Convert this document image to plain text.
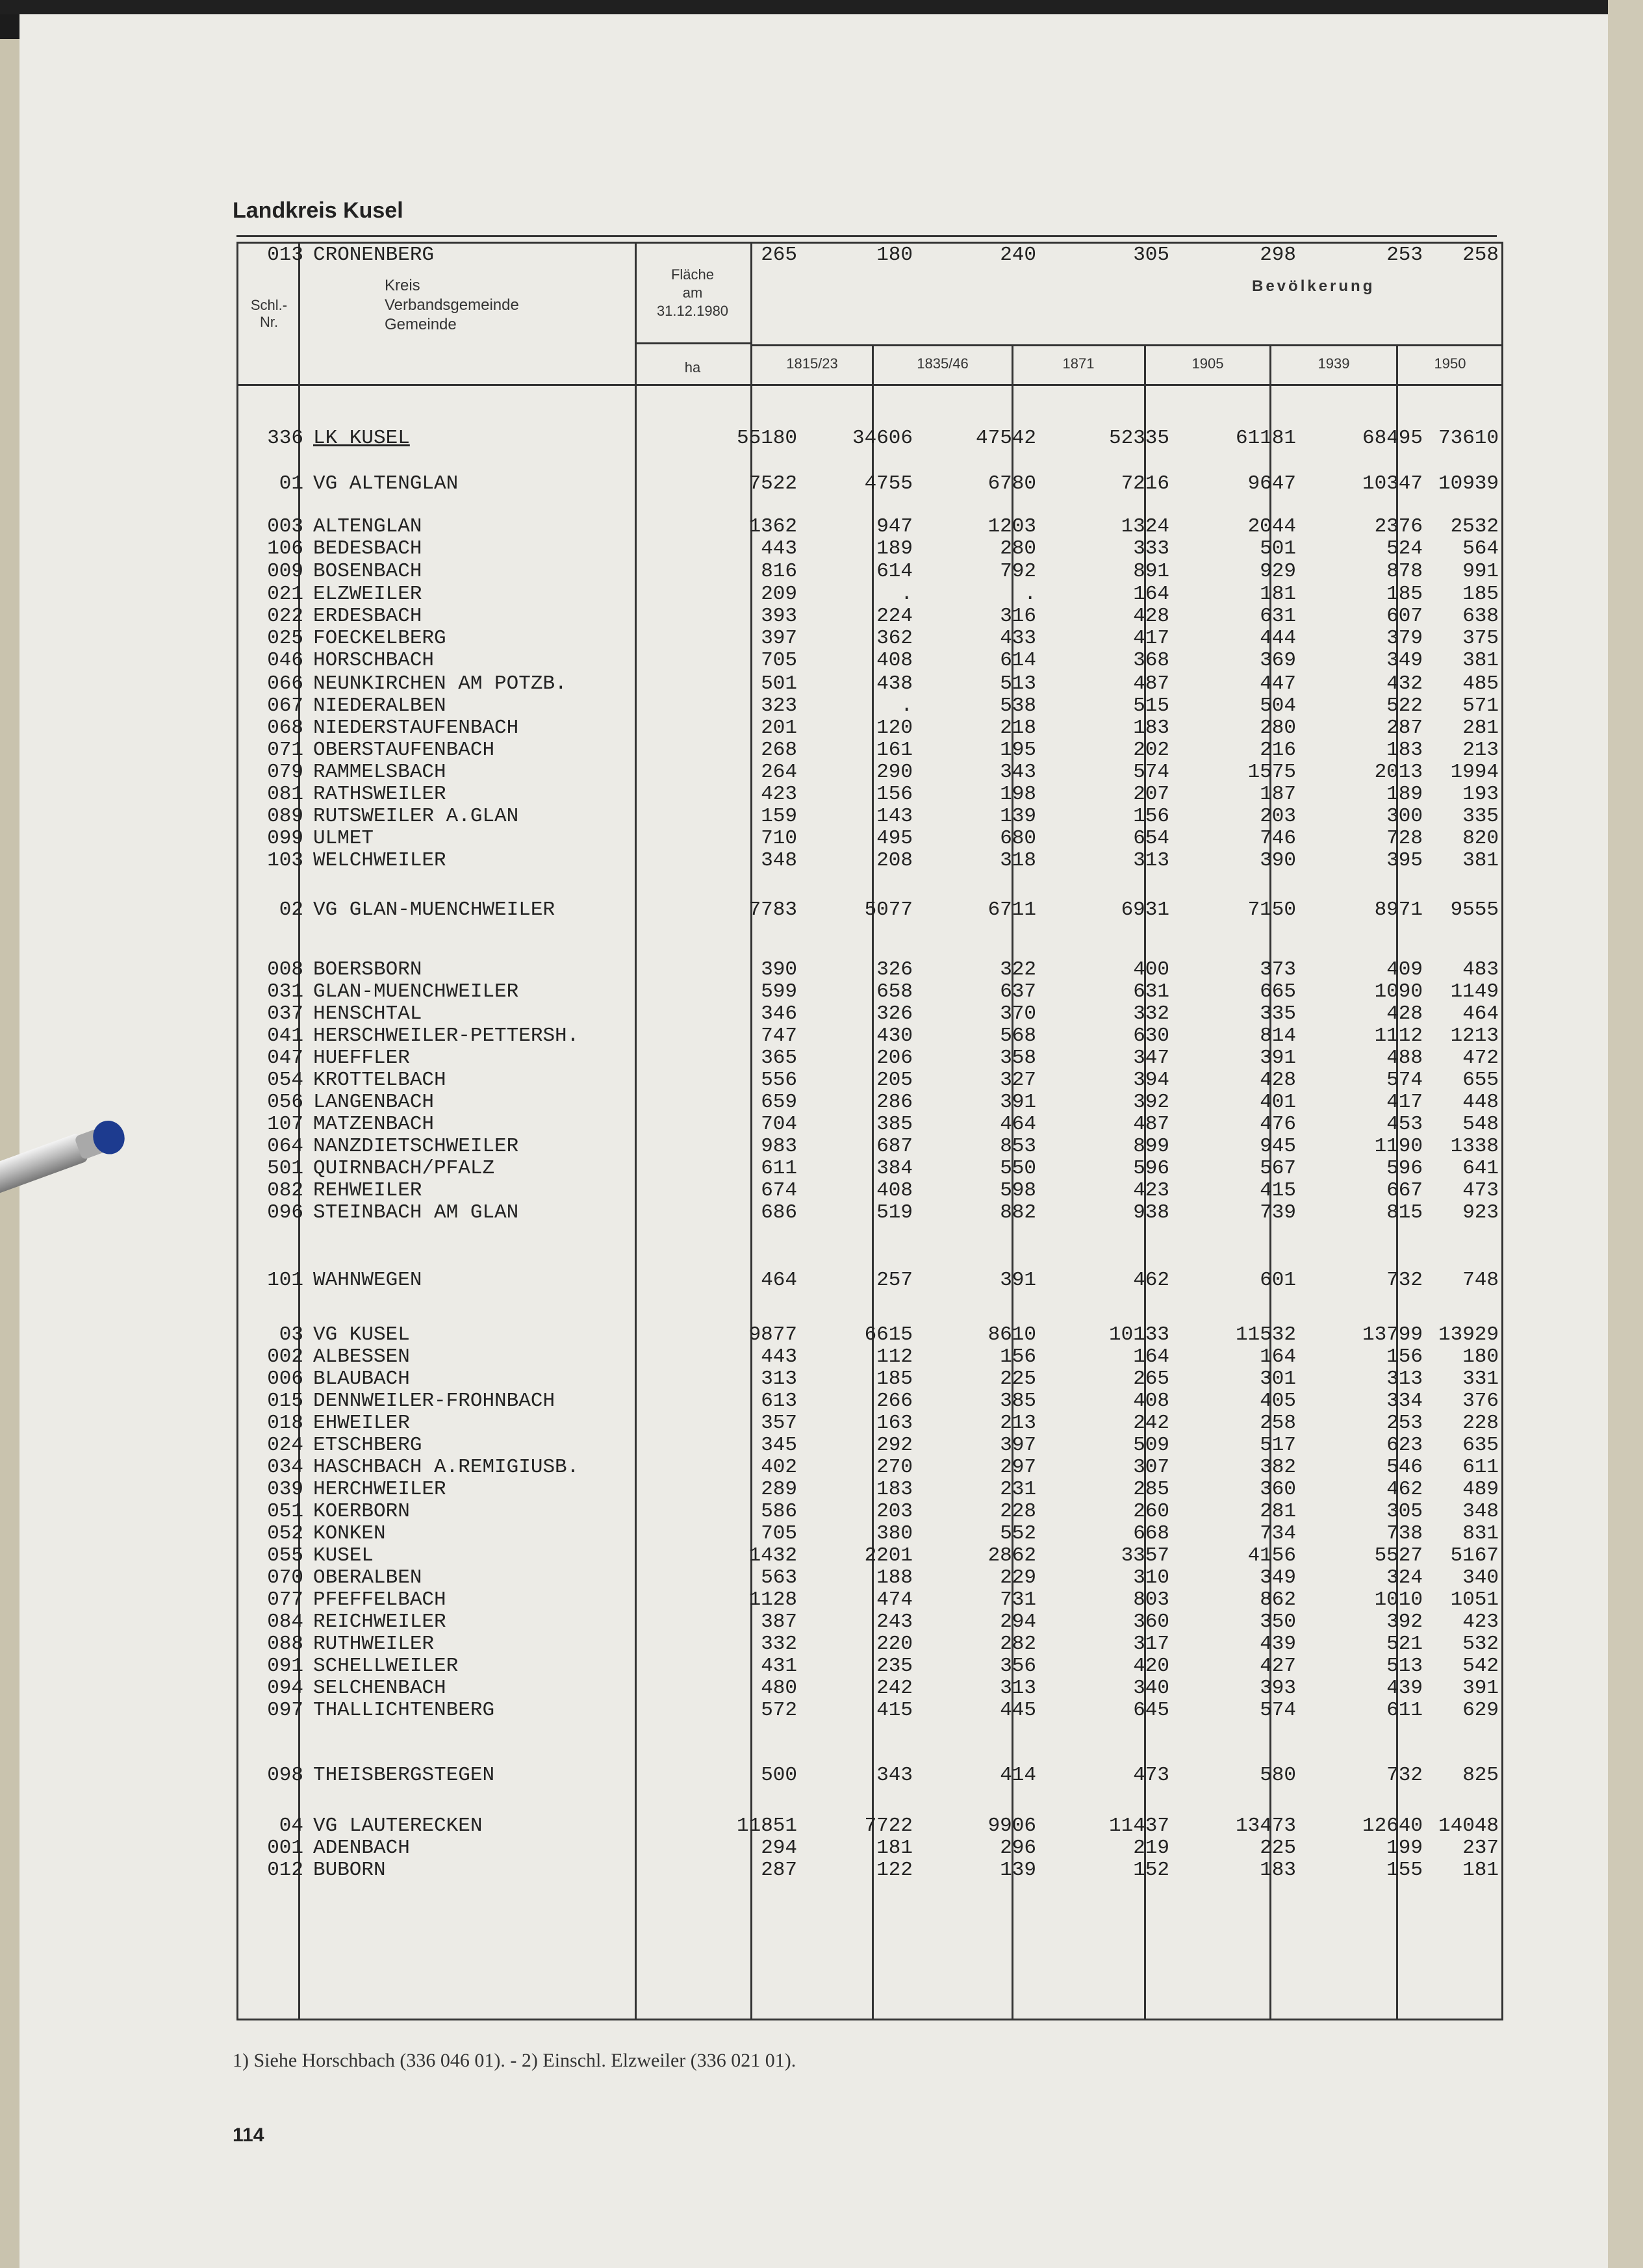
Landkreis Kusel
Schl.-
Nr.
Kreis
Verbandsgemeinde
Gemeinde
Fläche
am
31.12.1980
Bevölkerung
ha	1815/23	1835/46	1871	1905	1939	1950
336 LK KUSEL	55180	34606	47542	52335	61181	68495 73610
01 VG ALTENGLAN	7522	4755	6780	7216	9647	10347 10939
003 ALTENGLAN	1362	947	1203	1324	2044	2376	2532
106 BEDESBACH	443	189	280	333	501	524	564
009 BOSENBACH	816	614	792	891	929	878	991
021 ELZWEILER	209	.	.	164	181	185	185
022 ERDESBACH	393	224	316	428	631	607	638
025 FOECKELBERG	397	362	433	417	444	379	375
046 HORSCHBACH	705	408	614	368	369	349	381
066 NEUNKIRCHEN AM POTZB.	501	438	513	487	447	432	485
067 NIEDERALBEN	323	.	538	515	504	522	571
068 NIEDERSTAUFENBACH	201	120	218	183	280	287	281
071 OBERSTAUFENBACH	268	161	195	202	216	183	213
079 RAMMELSBACH	264	290	343	574	1575	2013	1994
081 RATHSWEILER	423	156	198	207	187	189	193
089 RUTSWEILER A.GLAN	159	143	139	156	203	300	335
099 ULMET	710	495	680	654	746	728	820
103 WELCHWEILER	348	208	318	313	390	395	381
02 VG GLAN-MUENCHWEILER	7783	5077	6711	6931	7150	8971	9555
008 BOERSBORN	390	326	322	400	373	409	483
031 GLAN-MUENCHWEILER	599	658	637	631	665	1090	1149
037 HENSCHTAL	346	326	370	332	335	428	464
041 HERSCHWEILER-PETTERSH.	747	430	568	630	814	1112	1213
047 HUEFFLER	365	206	358	347	391	488	472
054 KROTTELBACH	556	205	327	394	428	574	655
056 LANGENBACH	659	286	391	392	401	417	448
107 MATZENBACH	704	385	464	487	476	453	548
064 NANZDIETSCHWEILER	983	687	853	899	945	1190	1338
501 QUIRNBACH/PFALZ	611	384	550	596	567	596	641
082 REHWEILER	674	408	598	423	415	667	473
096 STEINBACH AM GLAN	686	519	882	938	739	815	923
101 WAHNWEGEN	464	257	391	462	601	732	748
03 VG KUSEL	9877	6615	8610	10133	11532	13799 13929
002 ALBESSEN	443	112	156	164	164	156	180
006 BLAUBACH	313	185	225	265	301	313	331
015 DENNWEILER-FROHNBACH	613	266	385	408	405	334	376
018 EHWEILER	357	163	213	242	258	253	228
024 ETSCHBERG	345	292	397	509	517	623	635
034 HASCHBACH A.REMIGIUSB.	402	270	297	307	382	546	611
039 HERCHWEILER	289	183	231	285	360	462	489
051 KOERBORN	586	203	228	260	281	305	348
052 KONKEN	705	380	552	668	734	738	831
055 KUSEL	1432	2201	2862	3357	4156	5527	5167
070 OBERALBEN	563	188	229	310	349	324	340
077 PFEFFELBACH	1128	474	731	803	862	1010	1051
084 REICHWEILER	387	243	294	360	350	392	423
088 RUTHWEILER	332	220	282	317	439	521	532
091 SCHELLWEILER	431	235	356	420	427	513	542
094 SELCHENBACH	480	242	313	340	393	439	391
097 THALLICHTENBERG	572	415	445	645	574	611	629
098 THEISBERGSTEGEN	500	343	414	473	580	732	825
04 VG LAUTERECKEN	11851	7722	9906	11437	13473	12640 14048
001 ADENBACH	294	181	296	219	225	199	237
012 BUBORN	287	122	139	152	183	155	181
013 CRONENBERG	265	180	240	305	298	253	258
1) Siehe Horschbach (336 046 01). - 2) Einschl. Elzweiler (336 021 01).
114
